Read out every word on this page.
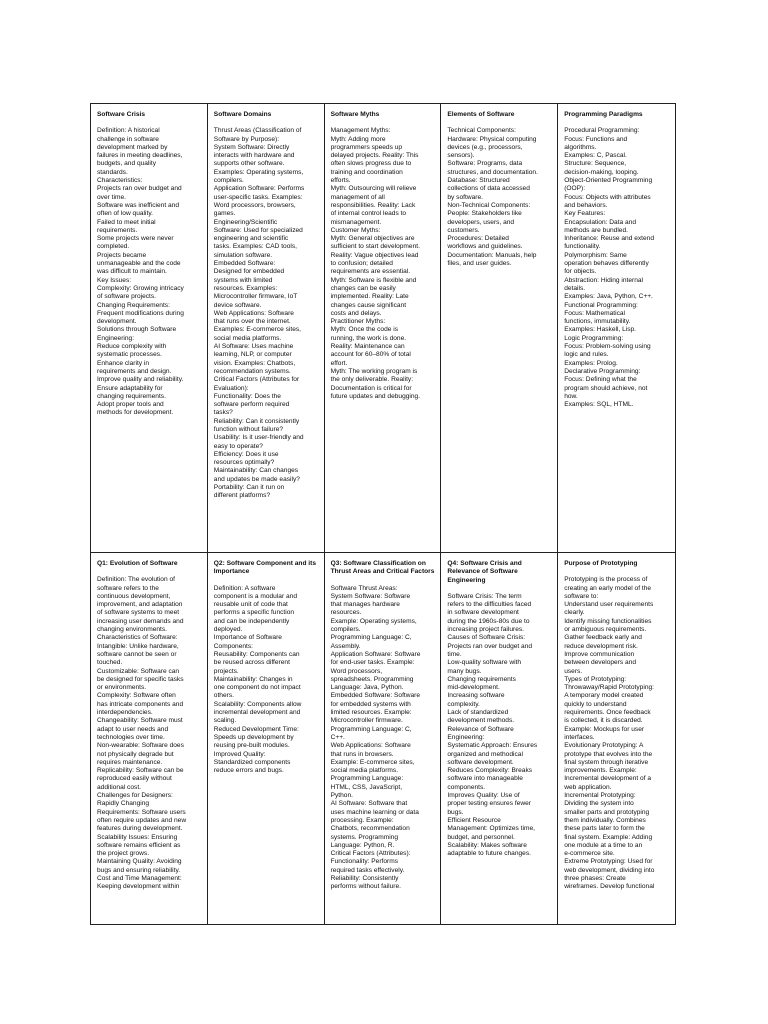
Software Crisis
Definition: A historical
challenge in software
development marked by
failures in meeting deadlines,
budgets, and quality
standards.
Characteristics:
Projects ran over budget and
over time.
Software was inefficient and
often of low quality.
Failed to meet initial
requirements.
Some projects were never
completed.
Projects became
unmanageable and the code
was difficult to maintain.
Key Issues:
Complexity: Growing intricacy
of software projects.
Changing Requirements:
Frequent modifications during
development.
Solutions through Software
Engineering:
Reduce complexity with
systematic processes.
Enhance clarity in
requirements and design.
Improve quality and reliability.
Ensure adaptability for
changing requirements.
Adopt proper tools and
methods for development.
Software Domains
Thrust Areas (Classification of
Software by Purpose):
System Software: Directly
interacts with hardware and
supports other software.
Examples: Operating systems,
compilers.
Application Software: Performs
user-specific tasks. Examples:
Word processors, browsers,
games.
Engineering/Scientific
Software: Used for specialized
engineering and scientific
tasks. Examples: CAD tools,
simulation software.
Embedded Software:
Designed for embedded
systems with limited
resources. Examples:
Microcontroller firmware, IoT
device software.
Web Applications: Software
that runs over the internet.
Examples: E-commerce sites,
social media platforms.
AI Software: Uses machine
learning, NLP, or computer
vision. Examples: Chatbots,
recommendation systems.
Critical Factors (Attributes for
Evaluation):
Functionality: Does the
software perform required
tasks?
Reliability: Can it consistently
function without failure?
Usability: Is it user-friendly and
easy to operate?
Efficiency: Does it use
resources optimally?
Maintainability: Can changes
and updates be made easily?
Portability: Can it run on
different platforms?
Software Myths
Management Myths:
Myth: Adding more
programmers speeds up
delayed projects. Reality: This
often slows progress due to
training and coordination
efforts.
Myth: Outsourcing will relieve
management of all
responsibilities. Reality: Lack
of internal control leads to
mismanagement.
Customer Myths:
Myth: General objectives are
sufficient to start development.
Reality: Vague objectives lead
to confusion; detailed
requirements are essential.
Myth: Software is flexible and
changes can be easily
implemented. Reality: Late
changes cause significant
costs and delays.
Practitioner Myths:
Myth: Once the code is
running, the work is done.
Reality: Maintenance can
account for 60–80% of total
effort.
Myth: The working program is
the only deliverable. Reality:
Documentation is critical for
future updates and debugging.
Elements of Software
Technical Components:
Hardware: Physical computing
devices (e.g., processors,
sensors).
Software: Programs, data
structures, and documentation.
Database: Structured
collections of data accessed
by software.
Non-Technical Components:
People: Stakeholders like
developers, users, and
customers.
Procedures: Detailed
workflows and guidelines.
Documentation: Manuals, help
files, and user guides.
Programming Paradigms
Procedural Programming:
Focus: Functions and
algorithms.
Examples: C, Pascal.
Structure: Sequence,
decision-making, looping.
Object-Oriented Programming
(OOP):
Focus: Objects with attributes
and behaviors.
Key Features:
Encapsulation: Data and
methods are bundled.
Inheritance: Reuse and extend
functionality.
Polymorphism: Same
operation behaves differently
for objects.
Abstraction: Hiding internal
details.
Examples: Java, Python, C++.
Functional Programming:
Focus: Mathematical
functions, immutability.
Examples: Haskell, Lisp.
Logic Programming:
Focus: Problem-solving using
logic and rules.
Examples: Prolog.
Declarative Programming:
Focus: Defining what the
program should achieve, not
how.
Examples: SQL, HTML.
Q1: Evolution of Software
Definition: The evolution of
software refers to the
continuous development,
improvement, and adaptation
of software systems to meet
increasing user demands and
changing environments.
Characteristics of Software:
Intangible: Unlike hardware,
software cannot be seen or
touched.
Customizable: Software can
be designed for specific tasks
or environments.
Complexity: Software often
has intricate components and
interdependencies.
Changeability: Software must
adapt to user needs and
technologies over time.
Non-wearable: Software does
not physically degrade but
requires maintenance.
Replicability: Software can be
reproduced easily without
additional cost.
Challenges for Designers:
Rapidly Changing
Requirements: Software users
often require updates and new
features during development.
Scalability Issues: Ensuring
software remains efficient as
the project grows.
Maintaining Quality: Avoiding
bugs and ensuring reliability.
Cost and Time Management:
Keeping development within
Q2: Software Component and its Importance
Definition: A software
component is a modular and
reusable unit of code that
performs a specific function
and can be independently
deployed.
Importance of Software
Components:
Reusability: Components can
be reused across different
projects.
Maintainability: Changes in
one component do not impact
others.
Scalability: Components allow
incremental development and
scaling.
Reduced Development Time:
Speeds up development by
reusing pre-built modules.
Improved Quality:
Standardized components
reduce errors and bugs.
Q3: Software Classification on Thrust Areas and Critical Factors
Software Thrust Areas:
System Software: Software
that manages hardware
resources.
Example: Operating systems, compilers.
Programming Language: C,
Assembly.
Application Software: Software
for end-user tasks. Example:
Word processors,
spreadsheets. Programming
Language: Java, Python.
Embedded Software: Software
for embedded systems with
limited resources. Example:
Microcontroller firmware.
Programming Language: C,
C++.
Web Applications: Software
that runs in browsers.
Example: E-commerce sites,
social media platforms.
Programming Language:
HTML, CSS, JavaScript,
Python.
AI Software: Software that
uses machine learning or data
processing. Example:
Chatbots, recommendation
systems. Programming
Language: Python, R.
Critical Factors (Attributes):
Functionality: Performs
required tasks effectively.
Reliability: Consistently
performs without failure.
Q4: Software Crisis and Relevance of Software Engineering
Software Crisis: The term
refers to the difficulties faced
in software development
during the 1960s-80s due to
increasing project failures.
Causes of Software Crisis:
Projects ran over budget and
time.
Low-quality software with
many bugs.
Changing requirements
mid-development.
Increasing software
complexity.
Lack of standardized
development methods.
Relevance of Software
Engineering:
Systematic Approach: Ensures
organized and methodical
software development.
Reduces Complexity: Breaks
software into manageable
components.
Improves Quality: Use of
proper testing ensures fewer
bugs.
Efficient Resource
Management: Optimizes time,
budget, and personnel.
Scalability: Makes software
adaptable to future changes.
Purpose of Prototyping
Prototyping is the process of
creating an early model of the
software to:
Understand user requirements
clearly.
Identify missing functionalities
or ambiguous requirements.
Gather feedback early and
reduce development risk.
Improve communication
between developers and
users.
Types of Prototyping:
Throwaway/Rapid Prototyping:
A temporary model created
quickly to understand
requirements. Once feedback
is collected, it is discarded.
Example: Mockups for user
interfaces.
Evolutionary Prototyping: A
prototype that evolves into the
final system through iterative
improvements. Example:
Incremental development of a
web application.
Incremental Prototyping:
Dividing the system into
smaller parts and prototyping
them individually. Combines
these parts later to form the
final system. Example: Adding
one module at a time to an
e-commerce site.
Extreme Prototyping: Used for
web development, dividing into
three phases: Create
wireframes. Develop functional
